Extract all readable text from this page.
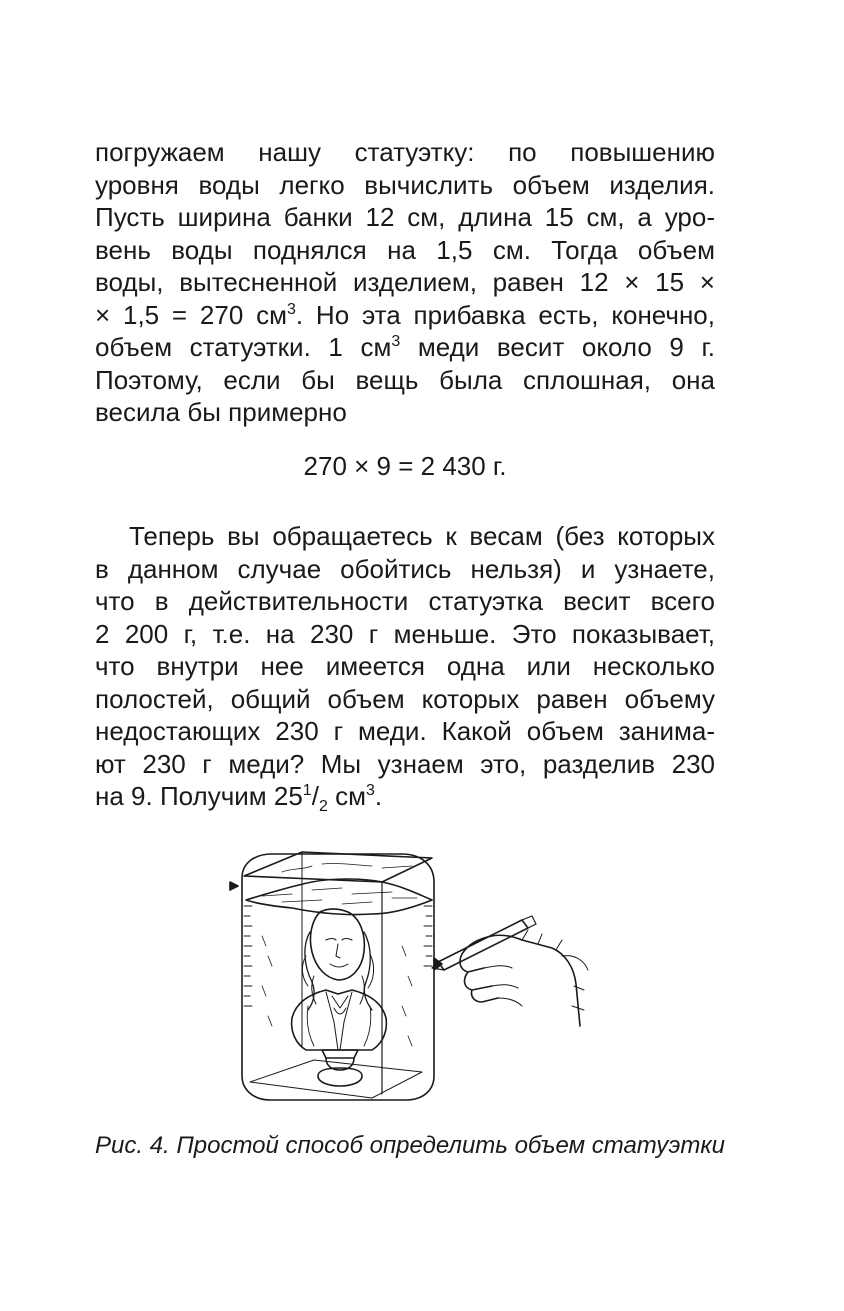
погружаем нашу статуэтку: по повышению
уровня воды легко вычислить объем изделия.
Пусть ширина банки 12 см, длина 15 см, а уро-
вень воды поднялся на 1,5 см. Тогда объем
воды, вытесненной изделием, равен 12 × 15 ×
× 1,5 = 270 $см^3$. Но эта прибавка есть, конечно,
объем статуэтки. 1 $см^3$ меди весит около 9 г.
Поэтому, если бы вещь была сплошная, она
весила бы примерно
270 × 9 = 2 430 г.
Теперь вы обращаетесь к весам (без которых
в данном случае обойтись нельзя) и узнаете,
что в действительности статуэтка весит всего
2 200 г, т.е. на 230 г меньше. Это показывает,
что внутри нее имеется одна или несколько
полостей, общий объем которых равен объему
недостающих 230 г меди. Какой объем занима-
ют 230 г меди? Мы узнаем это, разделив 230
на 9. Получим $25^1/_2$ $см^3$.
Рис. 4. Простой способ определить объем статуэтки
